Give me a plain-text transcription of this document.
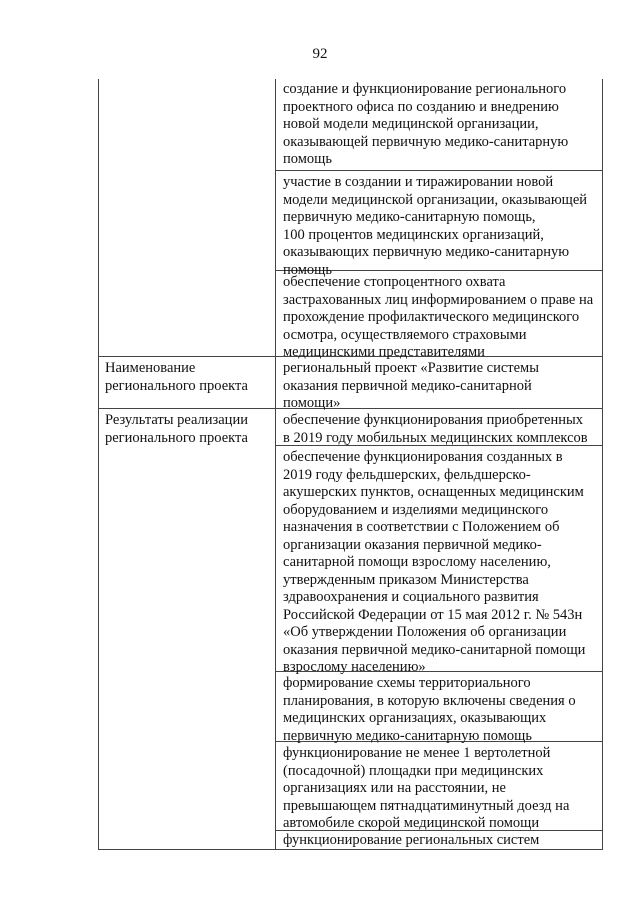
92
создание и функционирование регионального
проектного офиса по созданию и внедрению
новой модели медицинской организации,
оказывающей первичную медико-санитарную
помощь
участие в создании и тиражировании новой
модели медицинской организации, оказывающей
первичную медико-санитарную помощь,
100 процентов медицинских организаций,
оказывающих первичную медико-санитарную
помощь
обеспечение стопроцентного охвата
застрахованных лиц информированием о праве на
прохождение профилактического медицинского
осмотра, осуществляемого страховыми
медицинскими представителями
Наименование
регионального проекта
региональный проект «Развитие системы
оказания первичной медико-санитарной
помощи»
Результаты реализации
регионального проекта
обеспечение функционирования приобретенных
в 2019 году мобильных медицинских комплексов
обеспечение функционирования созданных в
2019 году фельдшерских, фельдшерско-
акушерских пунктов, оснащенных медицинским
оборудованием и изделиями медицинского
назначения в соответствии с Положением об
организации оказания первичной медико-
санитарной помощи взрослому населению,
утвержденным приказом Министерства
здравоохранения и социального развития
Российской Федерации от 15 мая 2012 г. № 543н
«Об утверждении Положения об организации
оказания первичной медико-санитарной помощи
взрослому населению»
формирование схемы территориального
планирования, в которую включены сведения о
медицинских организациях, оказывающих
первичную медико-санитарную помощь
функционирование не менее 1 вертолетной
(посадочной) площадки при медицинских
организациях или на расстоянии, не
превышающем пятнадцатиминутный доезд на
автомобиле скорой медицинской помощи
функционирование региональных систем
